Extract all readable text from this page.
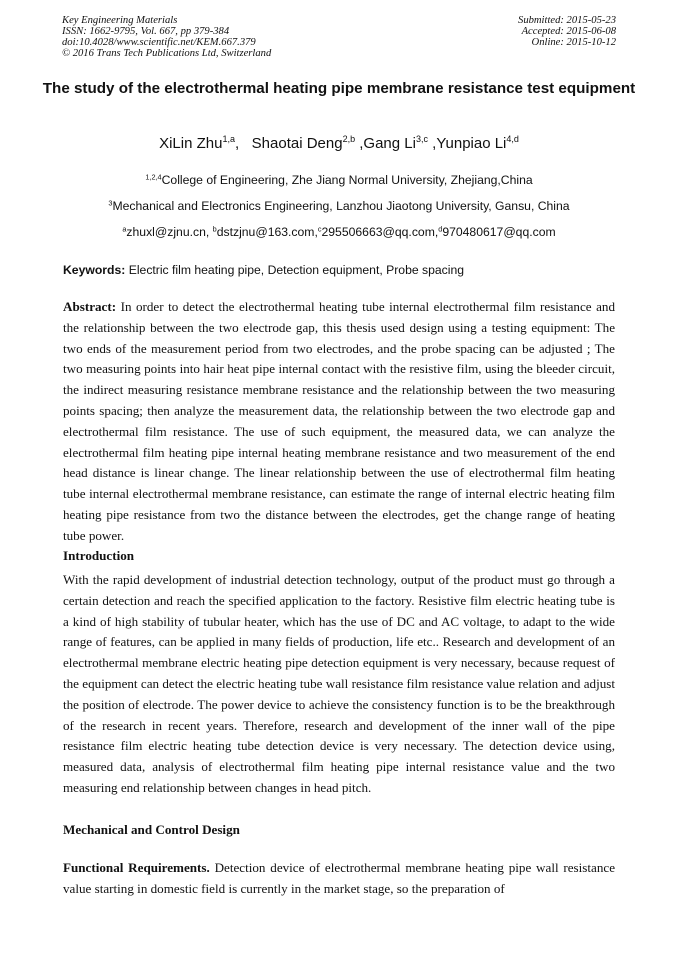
Key Engineering Materials
ISSN: 1662-9795, Vol. 667, pp 379-384
doi:10.4028/www.scientific.net/KEM.667.379
© 2016 Trans Tech Publications Ltd, Switzerland
Submitted: 2015-05-23
Accepted: 2015-06-08
Online: 2015-10-12
The study of the electrothermal heating pipe membrane resistance test equipment
XiLin Zhu$^{1,a}$,   Shaotai Deng$^{2,b}$ ,Gang Li$^{3,c}$ ,Yunpiao Li$^{4,d}$
$^{1,2,4}$College of Engineering, Zhe Jiang Normal University, Zhejiang,China
$^3$Mechanical and Electronics Engineering, Lanzhou Jiaotong University, Gansu, China
$^a$zhuxl@zjnu.cn, $^b$dstzjnu@163.com,$^c$295506663@qq.com,$^d$970480617@qq.com
Keywords: Electric film heating pipe, Detection equipment, Probe spacing
Abstract: In order to detect the electrothermal heating tube internal electrothermal film resistance and the relationship between the two electrode gap, this thesis used design using a testing equipment: The two ends of the measurement period from two electrodes, and the probe spacing can be adjusted ; The two measuring points into hair heat pipe internal contact with the resistive film, using the bleeder circuit, the indirect measuring resistance membrane resistance and the relationship between the two measuring points spacing; then analyze the measurement data, the relationship between the two electrode gap and electrothermal film resistance. The use of such equipment, the measured data, we can analyze the electrothermal film heating pipe internal heating membrane resistance and two measurement of the end head distance is linear change. The linear relationship between the use of electrothermal film heating tube internal electrothermal membrane resistance, can estimate the range of internal electric heating film heating pipe resistance from two the distance between the electrodes, get the change range of heating tube power.
Introduction
With the rapid development of industrial detection technology, output of the product must go through a certain detection and reach the specified application to the factory. Resistive film electric heating tube is a kind of high stability of tubular heater, which has the use of DC and AC voltage, to adapt to the wide range of features, can be applied in many fields of production, life etc.. Research and development of an electrothermal membrane electric heating pipe detection equipment is very necessary, because request of the equipment can detect the electric heating tube wall resistance film resistance value relation and adjust the position of electrode. The power device to achieve the consistency function is to be the breakthrough of the research in recent years. Therefore, research and development of the inner wall of the pipe resistance film electric heating tube detection device is very necessary. The detection device using, measured data, analysis of electrothermal film heating pipe internal resistance value and the two measuring end relationship between changes in head pitch.
Mechanical and Control Design
Functional Requirements. Detection device of electrothermal membrane heating pipe wall resistance value starting in domestic field is currently in the market stage, so the preparation of
